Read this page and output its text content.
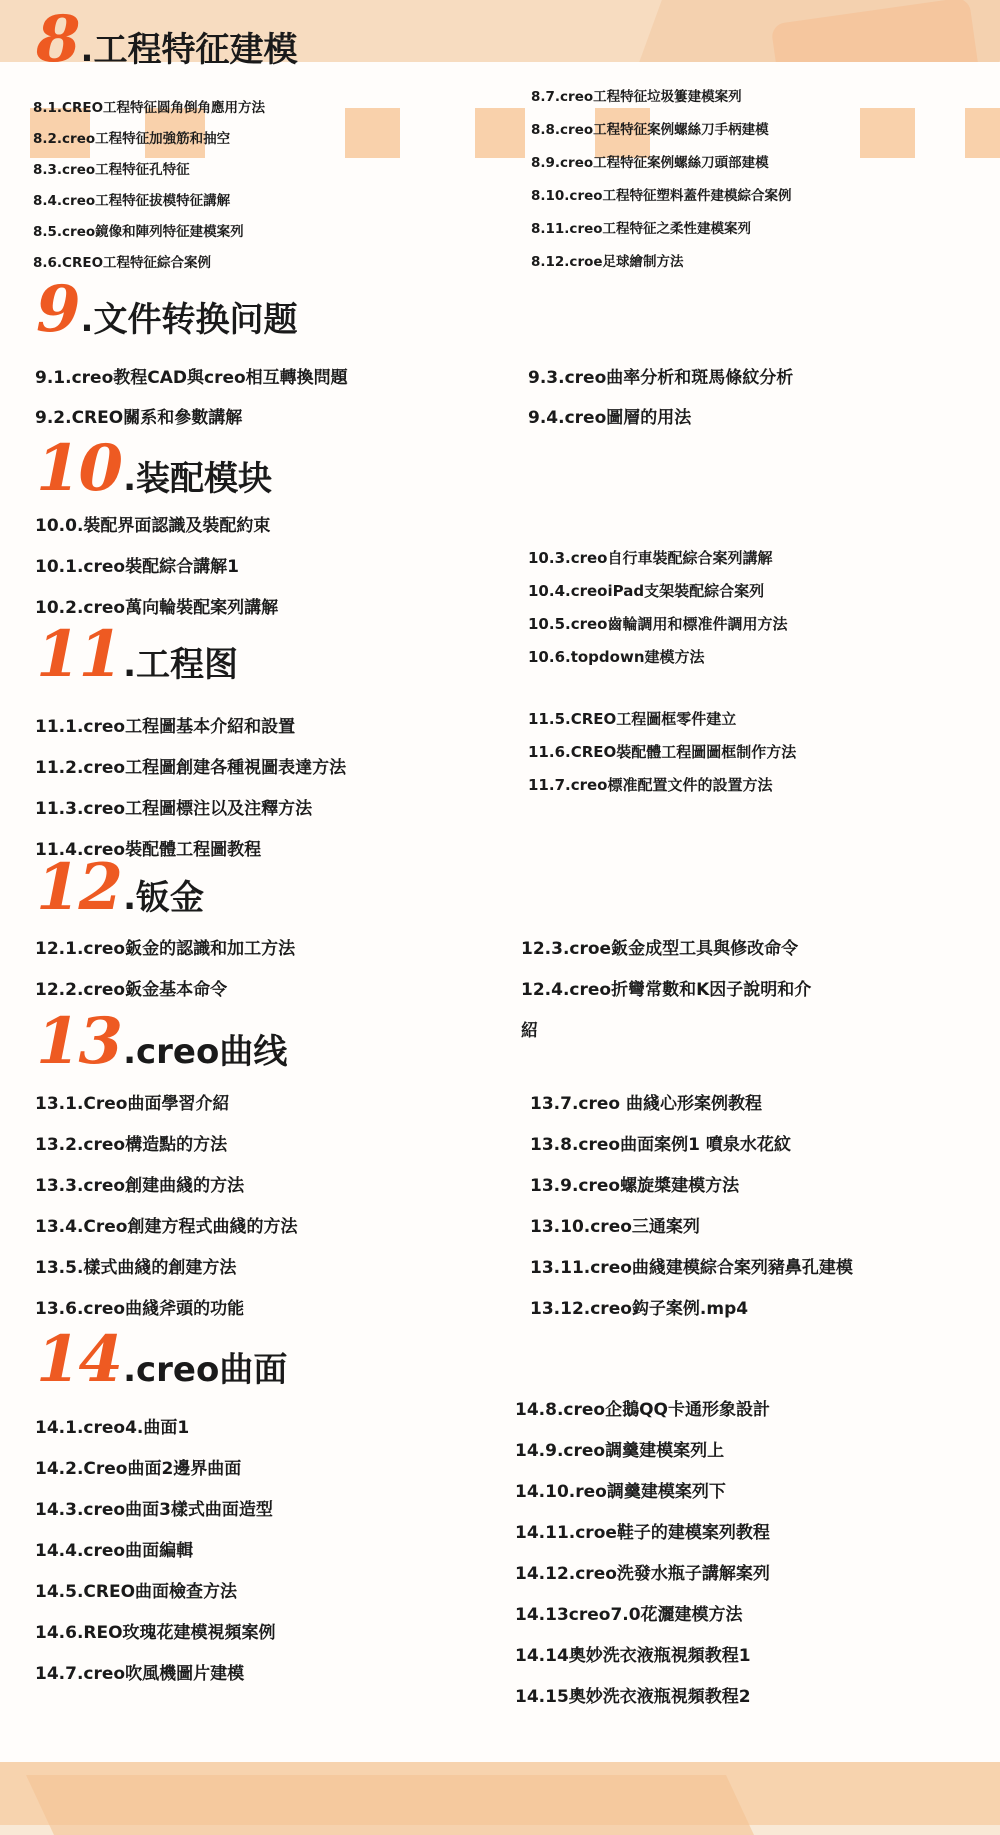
8.工程特征建模
8.1.CREO工程特征圆角倒角應用方法
8.2.creo工程特征加強筋和抽空
8.3.creo工程特征孔特征
8.4.creo工程特征拔模特征講解
8.5.creo鏡像和陣列特征建模案列
8.6.CREO工程特征綜合案例
8.7.creo工程特征垃圾簍建模案列
8.8.creo工程特征案例螺絲刀手柄建模
8.9.creo工程特征案例螺絲刀頭部建模
8.10.creo工程特征塑料蓋件建模綜合案例
8.11.creo工程特征之柔性建模案列
8.12.croe足球繪制方法
9.文件转换问题
9.1.creo教程CAD與creo相互轉換問題
9.2.CREO關系和參數講解
9.3.creo曲率分析和斑馬條紋分析
9.4.creo圖層的用法
10.装配模块
10.0.裝配界面認識及裝配約束
10.1.creo裝配綜合講解1
10.2.creo萬向輪裝配案列講解
10.3.creo自行車裝配綜合案列講解
10.4.creoiPad支架裝配綜合案列
10.5.creo齒輪調用和標准件調用方法
10.6.topdown建模方法
11.工程图
11.1.creo工程圖基本介紹和設置
11.2.creo工程圖創建各種視圖表達方法
11.3.creo工程圖標注以及注釋方法
11.4.creo裝配體工程圖教程
11.5.CREO工程圖框零件建立
11.6.CREO裝配體工程圖圖框制作方法
11.7.creo標准配置文件的設置方法
12.钣金
12.1.creo鈑金的認識和加工方法
12.2.creo鈑金基本命令
12.3.croe鈑金成型工具與修改命令
12.4.creo折彎常數和K因子說明和介
紹
13.creo曲线
13.1.Creo曲面學習介紹
13.2.creo構造點的方法
13.3.creo創建曲綫的方法
13.4.Creo創建方程式曲綫的方法
13.5.樣式曲綫的創建方法
13.6.creo曲綫斧頭的功能
13.7.creo 曲綫心形案例教程
13.8.creo曲面案例1 噴泉水花紋
13.9.creo螺旋槳建模方法
13.10.creo三通案列
13.11.creo曲綫建模綜合案列豬鼻孔建模
13.12.creo鈎子案例.mp4
14.creo曲面
14.1.creo4.曲面1
14.2.Creo曲面2邊界曲面
14.3.creo曲面3樣式曲面造型
14.4.creo曲面編輯
14.5.CREO曲面檢查方法
14.6.REO玫瑰花建模視頻案例
14.7.creo吹風機圖片建模
14.8.creo企鵝QQ卡通形象設計
14.9.creo調羹建模案列上
14.10.reo調羹建模案列下
14.11.croe鞋子的建模案列教程
14.12.creo洗發水瓶子講解案列
14.13creo7.0花灑建模方法
14.14奧妙洗衣液瓶視頻教程1
14.15奧妙洗衣液瓶視頻教程2
